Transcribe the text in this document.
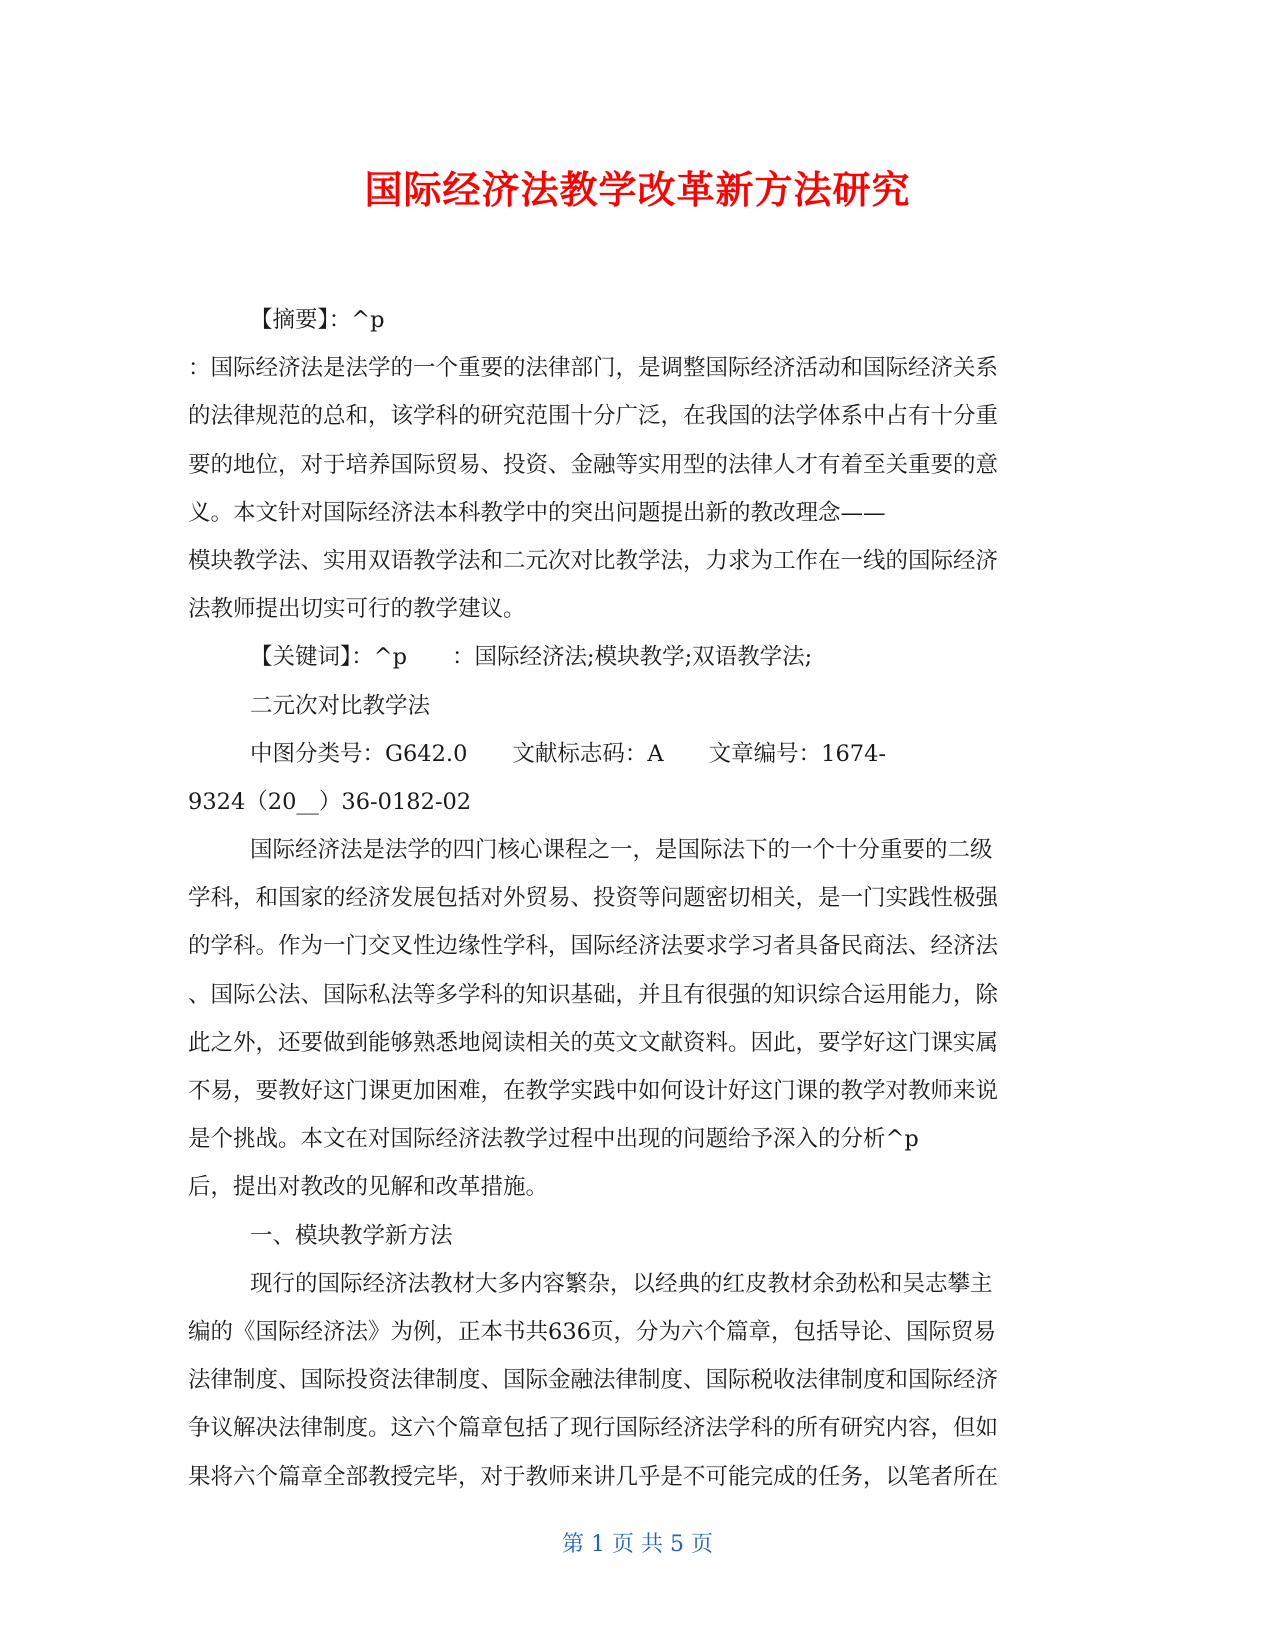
国际经济法教学改革新方法研究
【摘要】：^p
：国际经济法是法学的一个重要的法律部门，是调整国际经济活动和国际经济关系
的法律规范的总和，该学科的研究范围十分广泛，在我国的法学体系中占有十分重
要的地位，对于培养国际贸易、投资、金融等实用型的法律人才有着至关重要的意
义。本文针对国际经济法本科教学中的突出问题提出新的教改理念——
模块教学法、实用双语教学法和二元次对比教学法，力求为工作在一线的国际经济
法教师提出切实可行的教学建议。
【关键词】：^p　　：国际经济法;模块教学;双语教学法;
二元次对比教学法
中图分类号：G642.0　　文献标志码：A　　文章编号：1674-
9324（20__）36-0182-02
国际经济法是法学的四门核心课程之一，是国际法下的一个十分重要的二级
学科，和国家的经济发展包括对外贸易、投资等问题密切相关，是一门实践性极强
的学科。作为一门交叉性边缘性学科，国际经济法要求学习者具备民商法、经济法
、国际公法、国际私法等多学科的知识基础，并且有很强的知识综合运用能力，除
此之外，还要做到能够熟悉地阅读相关的英文文献资料。因此，要学好这门课实属
不易，要教好这门课更加困难，在教学实践中如何设计好这门课的教学对教师来说
是个挑战。本文在对国际经济法教学过程中出现的问题给予深入的分析^p
后，提出对教改的见解和改革措施。
一、模块教学新方法
现行的国际经济法教材大多内容繁杂，以经典的红皮教材余劲松和吴志攀主
编的《国际经济法》为例，正本书共636页，分为六个篇章，包括导论、国际贸易
法律制度、国际投资法律制度、国际金融法律制度、国际税收法律制度和国际经济
争议解决法律制度。这六个篇章包括了现行国际经济法学科的所有研究内容，但如
果将六个篇章全部教授完毕，对于教师来讲几乎是不可能完成的任务，以笔者所在
第 1 页 共 5 页
